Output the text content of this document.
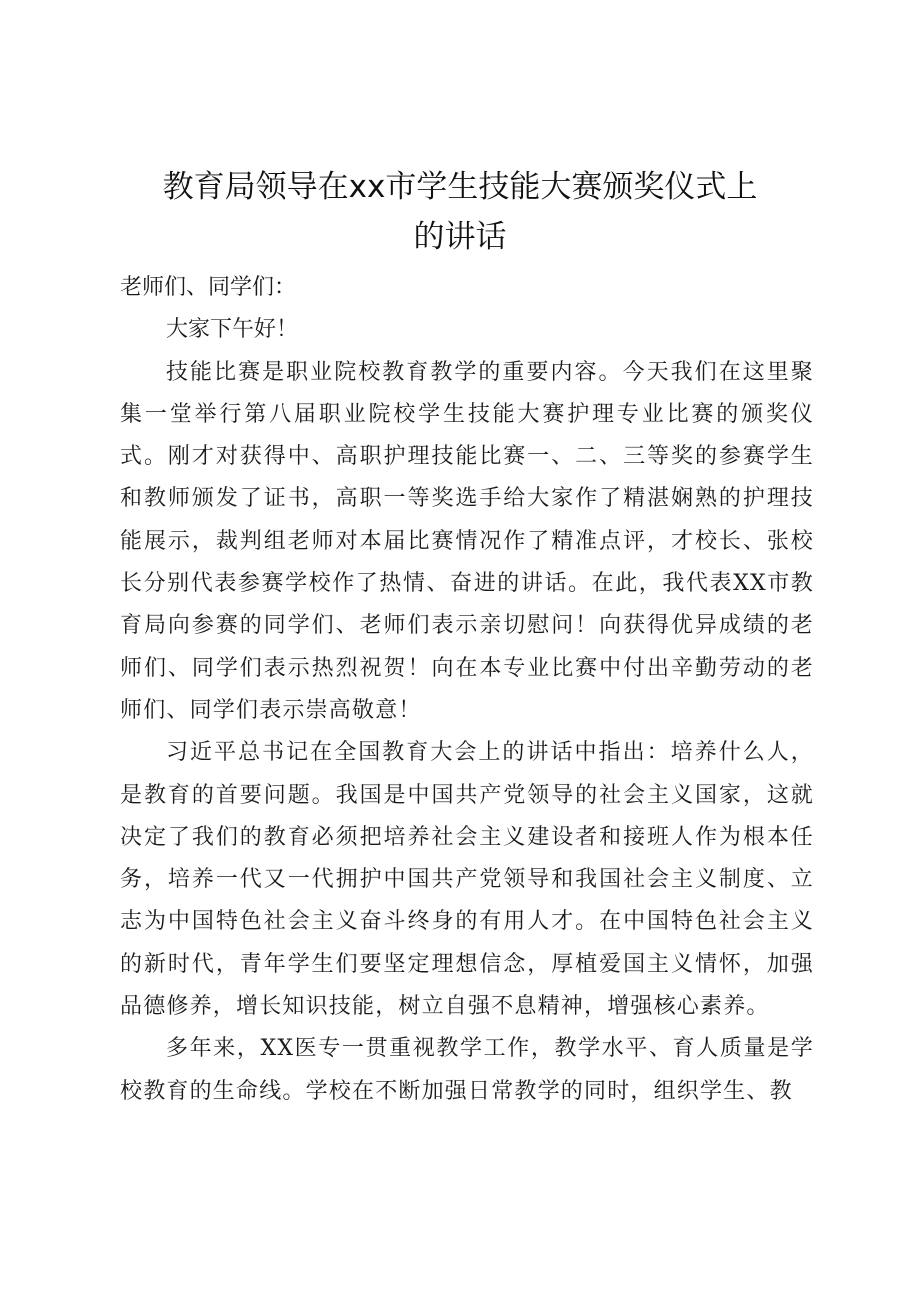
教育局领导在xx市学生技能大赛颁奖仪式上
的讲话

老师们、同学们：

大家下午好！

技能比赛是职业院校教育教学的重要内容。今天我们在这里聚集一堂举行第八届职业院校学生技能大赛护理专业比赛的颁奖仪式。刚才对获得中、高职护理技能比赛一、二、三等奖的参赛学生和教师颁发了证书，高职一等奖选手给大家作了精湛娴熟的护理技能展示，裁判组老师对本届比赛情况作了精准点评，才校长、张校长分别代表参赛学校作了热情、奋进的讲话。在此，我代表XX市教育局向参赛的同学们、老师们表示亲切慰问！向获得优异成绩的老师们、同学们表示热烈祝贺！向在本专业比赛中付出辛勤劳动的老师们、同学们表示崇高敬意！

习近平总书记在全国教育大会上的讲话中指出：培养什么人，是教育的首要问题。我国是中国共产党领导的社会主义国家，这就决定了我们的教育必须把培养社会主义建设者和接班人作为根本任务，培养一代又一代拥护中国共产党领导和我国社会主义制度、立志为中国特色社会主义奋斗终身的有用人才。在中国特色社会主义的新时代，青年学生们要坚定理想信念，厚植爱国主义情怀，加强品德修养，增长知识技能，树立自强不息精神，增强核心素养。

多年来，XX医专一贯重视教学工作，教学水平、育人质量是学校教育的生命线。学校在不断加强日常教学的同时，组织学生、教
